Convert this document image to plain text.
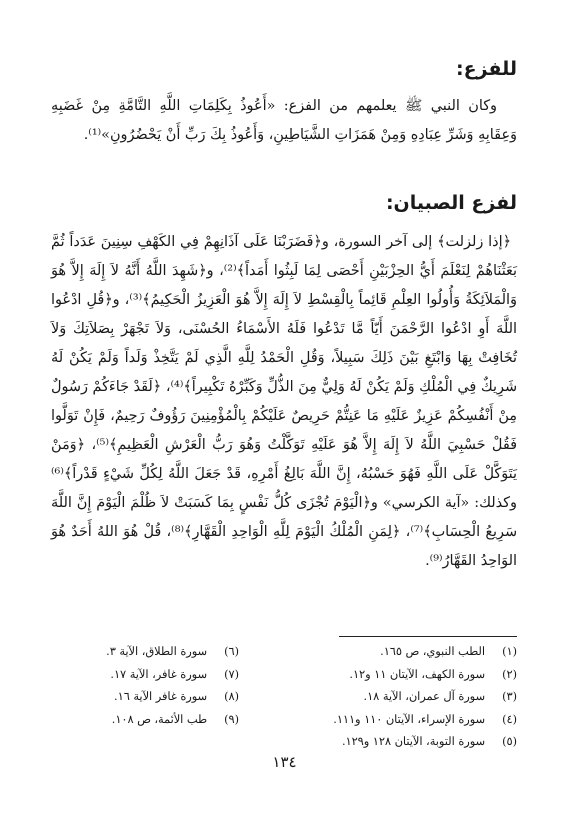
للفزع:

وكان النبي ﷺ يعلمهم من الفزع: «أَعُوذُ بِكَلِمَاتِ اللَّهِ التَّامَّةِ مِنْ غَضَبِهِ وَعِقَابِهِ وَشَرِّ عِبَادِهِ وَمِنْ هَمَزَاتِ الشَّيَاطِينِ، وَأَعُوذُ بِكَ رَبِّ أَنْ يَحْضُرُونِ»⁽¹⁾.

لفزع الصبيان:

﴿إذا زلزلت﴾ إلى آخر السورة، و﴿فَضَرَبْنَا عَلَى آذَانِهِمْ فِي الكَهْفِ سِنِينَ عَدَداً ثُمَّ بَعَثْنَاهُمْ لِنَعْلَمَ أَيُّ الحِزْبَيْنِ أَحْصَى لِمَا لَبِثُوا أَمَداً﴾⁽²⁾، و﴿شَهِدَ اللَّهُ أَنَّهُ لاَ إِلَهَ إِلاَّ هُوَ وَالْمَلاَئِكَةُ وَأُولُوا العِلْمِ قَائِماً بِالْقِسْطِ لاَ إِلَهَ إِلاَّ هُوَ الْعَزِيزُ الْحَكِيمُ﴾⁽³⁾، و﴿قُلِ ادْعُوا اللَّهَ أَوِ ادْعُوا الرَّحْمَنَ أَيّاً مَّا تَدْعُوا فَلَهُ الأَسْمَاءُ الحُسْنَى، وَلاَ تَجْهَرْ بِصَلاَتِكَ وَلاَ تُخَافِتْ بِهَا وَابْتَغِ بَيْنَ ذَلِكَ سَبِيلاً، وَقُلِ الْحَمْدُ لِلَّهِ الَّذِي لَمْ يَتَّخِذْ وَلَداً وَلَمْ يَكُنْ لَهُ شَرِيكٌ فِي الْمُلْكِ وَلَمْ يَكُنْ لَهُ وَلِيٌّ مِنَ الذُّلِّ وَكَبِّرْهُ تَكْبِيراً﴾⁽⁴⁾، ﴿لَقَدْ جَاءَكُمْ رَسُولٌ مِنْ أَنْفُسِكُمْ عَزِيزٌ عَلَيْهِ مَا عَنِتُّمْ حَرِيصٌ عَلَيْكُمْ بِالْمُؤْمِنِينَ رَؤُوفٌ رَحِيمٌ، فَإِنْ تَوَلَّوا فَقُلْ حَسْبِيَ اللَّهُ لاَ إِلَهَ إِلاَّ هُوَ عَلَيْهِ تَوَكَّلْتُ وَهُوَ رَبُّ الْعَرْشِ الْعَظِيمِ﴾⁽⁵⁾، ﴿وَمَنْ يَتَوَكَّلْ عَلَى اللَّهِ فَهُوَ حَسْبُهُ، إِنَّ اللَّهَ بَالِغُ أَمْرِهِ، قَدْ جَعَلَ اللَّهُ لِكُلِّ شَيْءٍ قَدْراً﴾⁽⁶⁾ وكذلك: «آية الكرسي» و﴿الْيَوْمَ تُجْزَى كُلُّ نَفْسٍ بِمَا كَسَبَتْ لاَ ظُلْمَ الْيَوْمَ إِنَّ اللَّهَ سَرِيعُ الْحِسَابِ﴾⁽⁷⁾، ﴿لِمَنِ الْمُلْكُ الْيَوْمَ لِلَّهِ الْوَاحِدِ الْقَهَّارِ﴾⁽⁸⁾، قُلْ هُوَ اللهُ أَحَدٌ هُوَ الوَاحِدُ القَهَّارُ⁽⁹⁾.

(١)
الطب النبوي، ص ١٦٥.
(٢)
سورة الكهف، الآيتان ١١ و١٢.
(٣)
سورة آل عمران، الآية ١٨.
(٤)
سورة الإسراء، الآيتان ١١٠ و١١١.
(٥)
سورة التوبة، الآيتان ١٢٨ و١٢٩.
(٦)
سورة الطلاق، الآية ٣.
(٧)
سورة غافر، الآية ١٧.
(٨)
سورة غافر الآية ١٦.
(٩)
طب الأئمة، ص ١٠٨.
١٣٤
